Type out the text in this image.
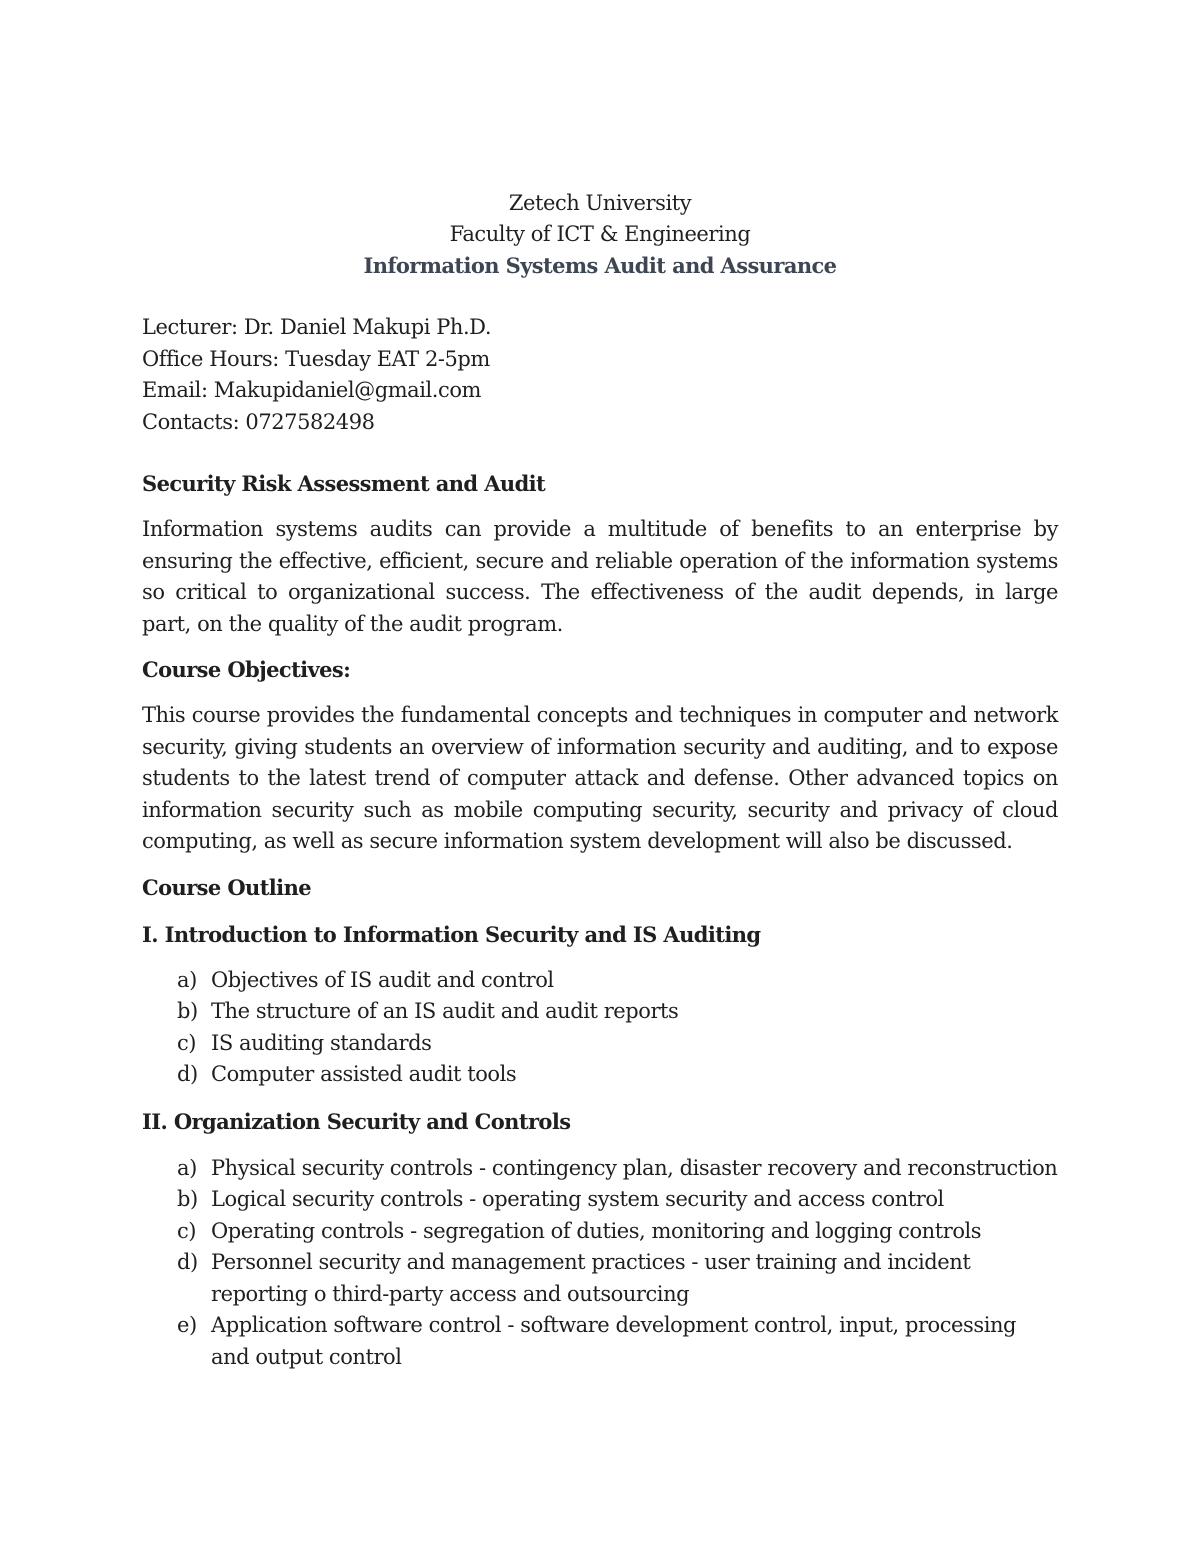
Zetech University
Faculty of ICT & Engineering
Information Systems Audit and Assurance
Lecturer: Dr. Daniel Makupi Ph.D.
Office Hours: Tuesday EAT 2-5pm
Email: Makupidaniel@gmail.com
Contacts: 0727582498
Security Risk Assessment and Audit

Information systems audits can provide a multitude of benefits to an enterprise by ensuring the effective, efficient, secure and reliable operation of the information systems so critical to organizational success. The effectiveness of the audit depends, in large part, on the quality of the audit program.

Course Objectives:

This course provides the fundamental concepts and techniques in computer and network security, giving students an overview of information security and auditing, and to expose students to the latest trend of computer attack and defense. Other advanced topics on information security such as mobile computing security, security and privacy of cloud computing, as well as secure information system development will also be discussed.

Course Outline
I. Introduction to Information Security and IS Auditing
a) Objectives of IS audit and control
b) The structure of an IS audit and audit reports
c) IS auditing standards
d) Computer assisted audit tools
II. Organization Security and Controls
a) Physical security controls - contingency plan, disaster recovery and reconstruction
b) Logical security controls - operating system security and access control
c) Operating controls - segregation of duties, monitoring and logging controls
d) Personnel security and management practices - user training and incident reporting o third-party access and outsourcing
e) Application software control - software development control, input, processing and output control
